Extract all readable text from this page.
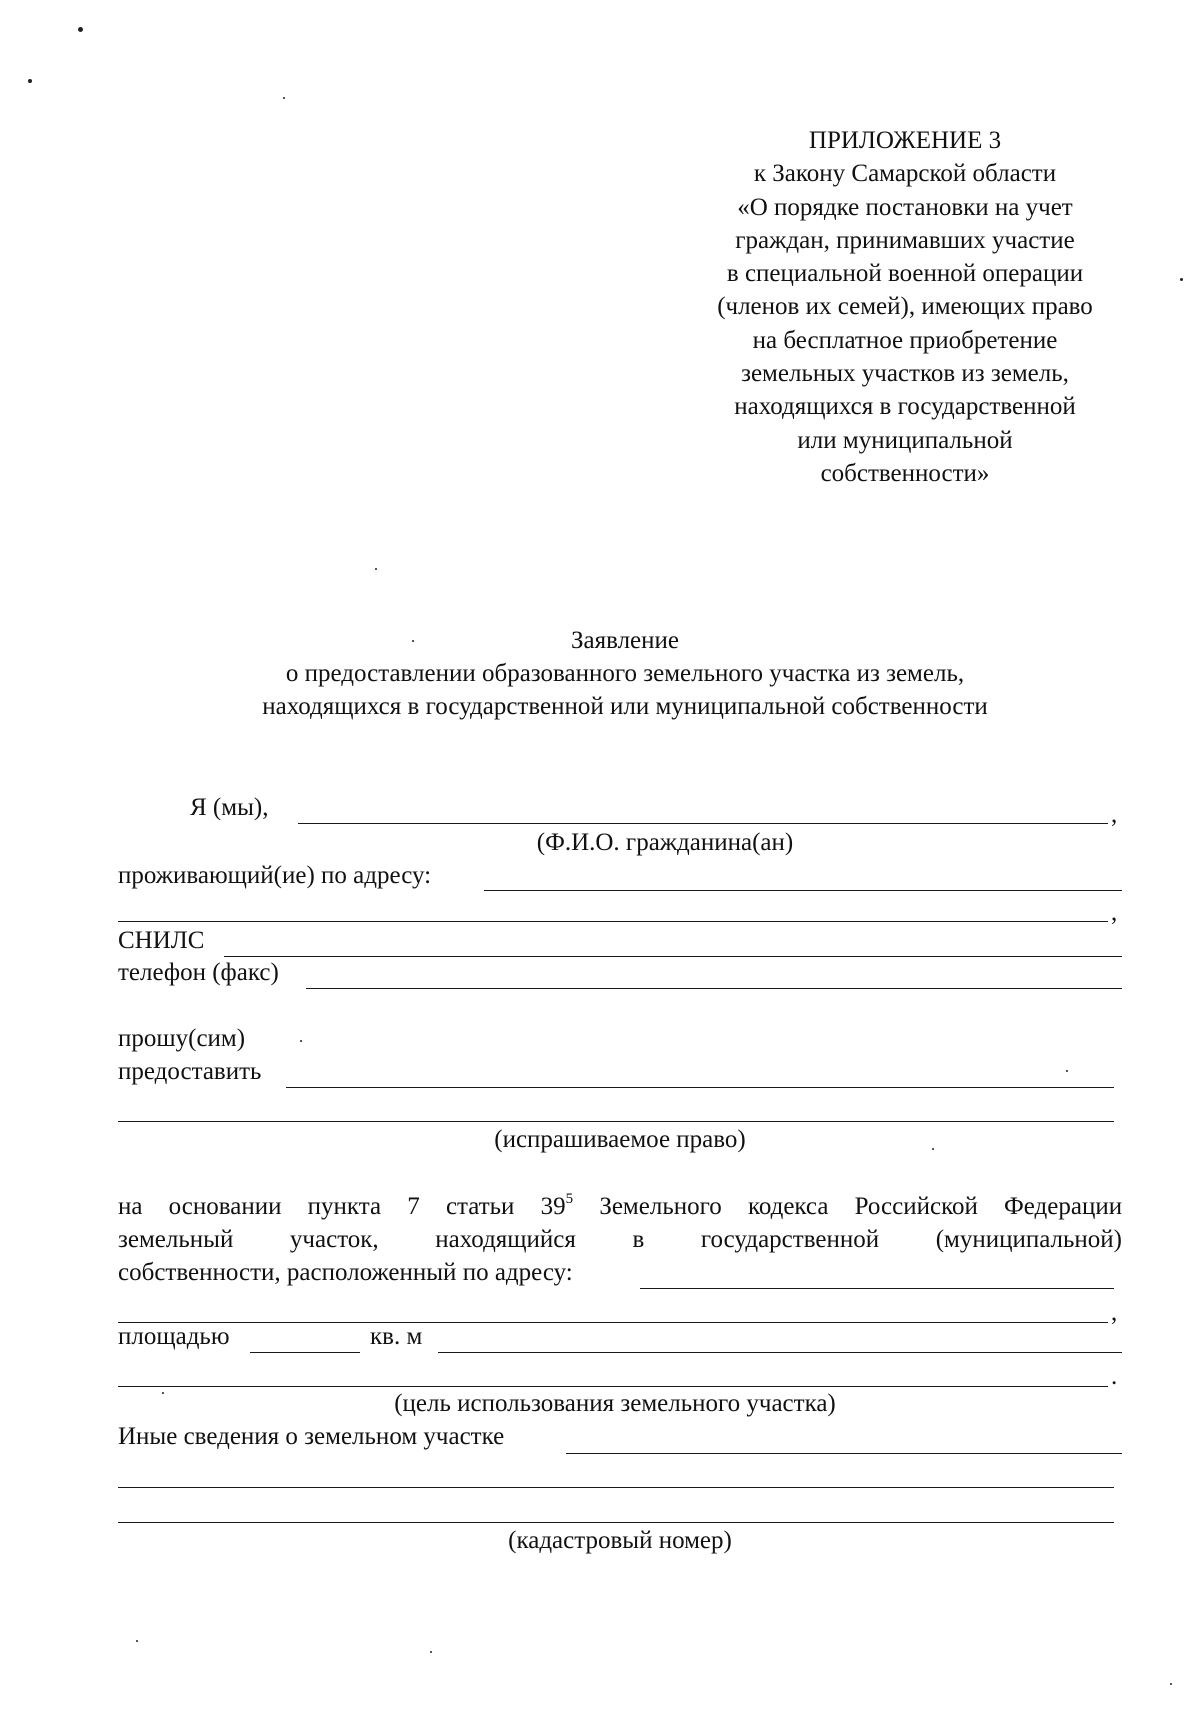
ПРИЛОЖЕНИЕ 3
к Закону Самарской области
«О порядке постановки на учет
граждан, принимавших участие
в специальной военной операции
(членов их семей), имеющих право
на бесплатное приобретение
земельных участков из земель,
находящихся в государственной
или муниципальной
собственности»
Заявление
о предоставлении образованного земельного участка из земель,
находящихся в государственной или муниципальной собственности
Я (мы),	,
(Ф.И.О. гражданина(ан)
проживающий(ие) по адресу:
,
СНИЛС
телефон (факс)
прошу(сим)
предоставить
(испрашиваемое право)
на основании пункта 7 статьи $39^5$ Земельного кодекса Российской Федерации
земельный участок, находящийся в государственной (муниципальной)
собственности, расположенный по адресу:
,
площадью	кв. м
.
(цель использования земельного участка)
Иные сведения о земельном участке
(кадастровый номер)
